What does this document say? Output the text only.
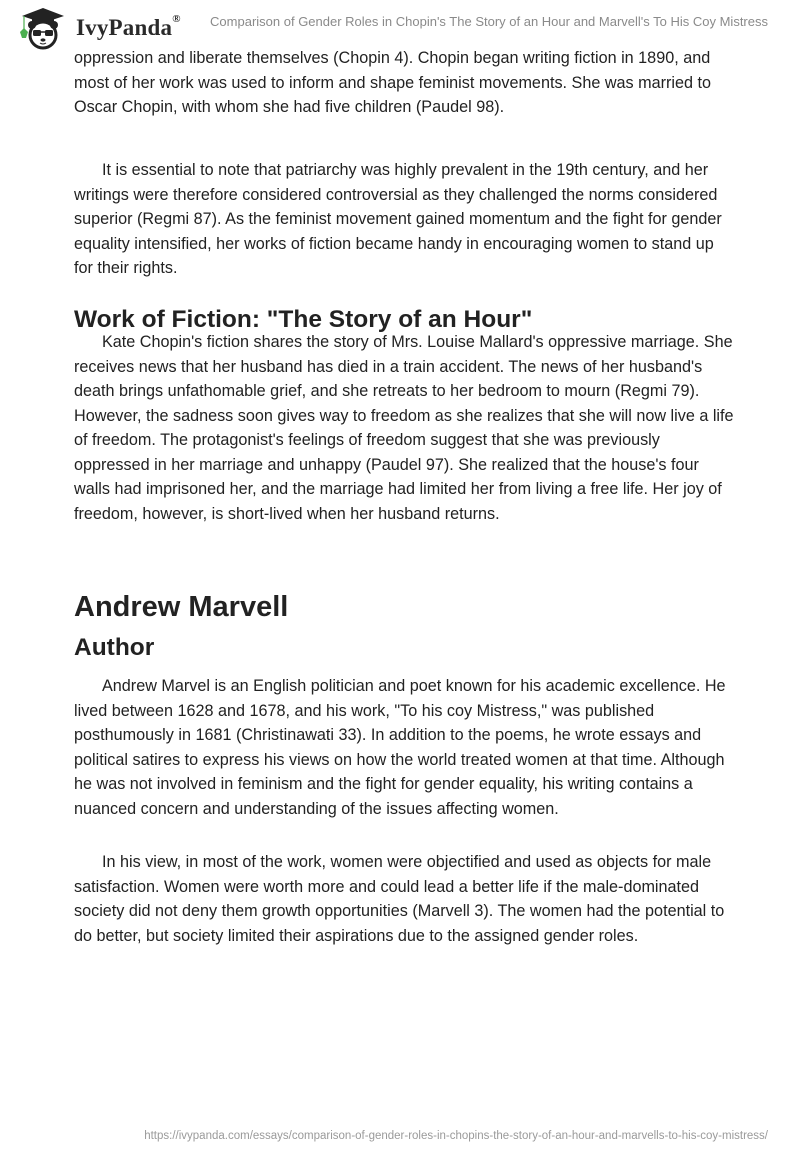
IvyPanda® Comparison of Gender Roles in Chopin's The Story of an Hour and Marvell's To His Coy Mistress

oppression and liberate themselves (Chopin 4). Chopin began writing fiction in 1890, and most of her work was used to inform and shape feminist movements. She was married to Oscar Chopin, with whom she had five children (Paudel 98).

It is essential to note that patriarchy was highly prevalent in the 19th century, and her writings were therefore considered controversial as they challenged the norms considered superior (Regmi 87). As the feminist movement gained momentum and the fight for gender equality intensified, her works of fiction became handy in encouraging women to stand up for their rights.

Work of Fiction: "The Story of an Hour"

Kate Chopin's fiction shares the story of Mrs. Louise Mallard's oppressive marriage. She receives news that her husband has died in a train accident. The news of her husband's death brings unfathomable grief, and she retreats to her bedroom to mourn (Regmi 79). However, the sadness soon gives way to freedom as she realizes that she will now live a life of freedom. The protagonist's feelings of freedom suggest that she was previously oppressed in her marriage and unhappy (Paudel 97). She realized that the house's four walls had imprisoned her, and the marriage had limited her from living a free life. Her joy of freedom, however, is short-lived when her husband returns.

Andrew Marvell
Author

Andrew Marvel is an English politician and poet known for his academic excellence. He lived between 1628 and 1678, and his work, "To his coy Mistress," was published posthumously in 1681 (Christinawati 33). In addition to the poems, he wrote essays and political satires to express his views on how the world treated women at that time. Although he was not involved in feminism and the fight for gender equality, his writing contains a nuanced concern and understanding of the issues affecting women.

In his view, in most of the work, women were objectified and used as objects for male satisfaction. Women were worth more and could lead a better life if the male-dominated society did not deny them growth opportunities (Marvell 3). The women had the potential to do better, but society limited their aspirations due to the assigned gender roles.

https://ivypanda.com/essays/comparison-of-gender-roles-in-chopins-the-story-of-an-hour-and-marvells-to-his-coy-mistress/
